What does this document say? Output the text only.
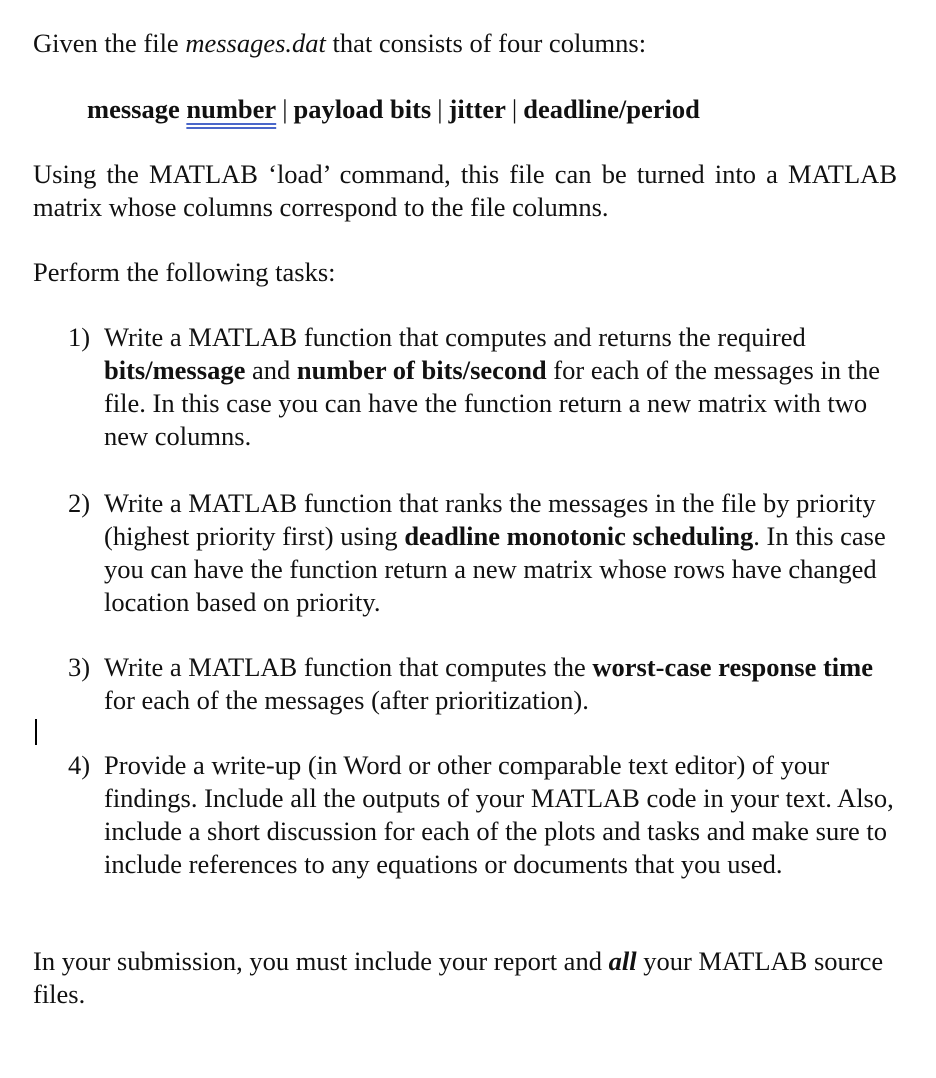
Given the file messages.dat that consists of four columns:

message number | payload bits | jitter | deadline/period

Using the MATLAB ‘load’ command, this file can be turned into a MATLAB matrix whose columns correspond to the file columns.

Perform the following tasks:

1) Write a MATLAB function that computes and returns the required bits/message and number of bits/second for each of the messages in the file. In this case you can have the function return a new matrix with two new columns.

2) Write a MATLAB function that ranks the messages in the file by priority (highest priority first) using deadline monotonic scheduling. In this case you can have the function return a new matrix whose rows have changed location based on priority.

3) Write a MATLAB function that computes the worst-case response time for each of the messages (after prioritization).

4) Provide a write-up (in Word or other comparable text editor) of your findings. Include all the outputs of your MATLAB code in your text. Also, include a short discussion for each of the plots and tasks and make sure to include references to any equations or documents that you used.

In your submission, you must include your report and all your MATLAB source files.
